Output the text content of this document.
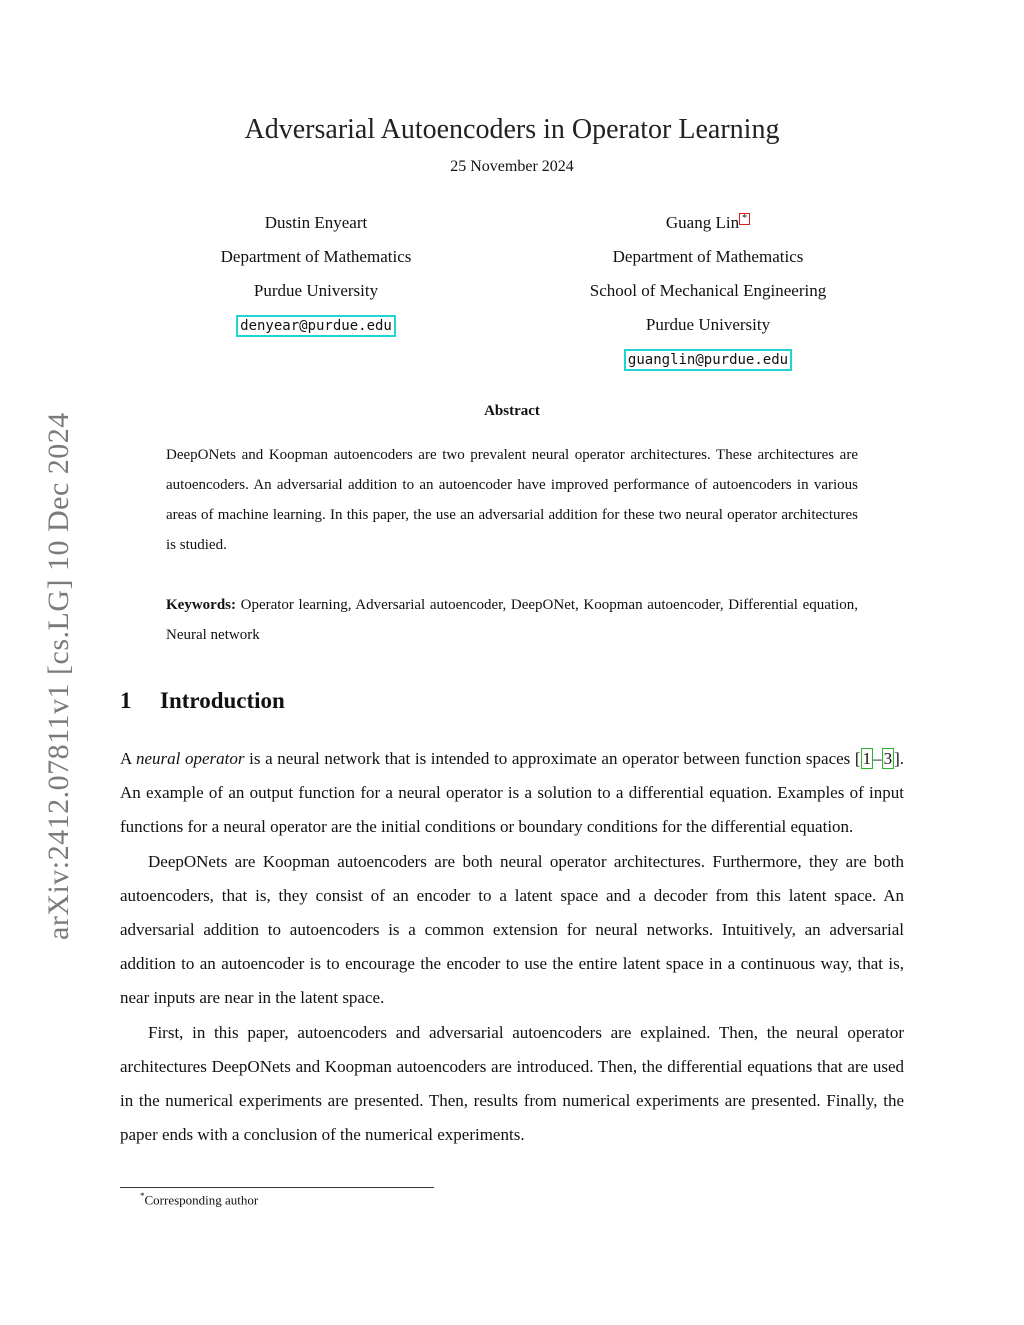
arXiv:2412.07811v1 [cs.LG] 10 Dec 2024
Adversarial Autoencoders in Operator Learning
25 November 2024
Dustin Enyeart
Department of Mathematics
Purdue University
denyear@purdue.edu
Guang Lin *
Department of Mathematics
School of Mechanical Engineering
Purdue University
guanglin@purdue.edu
Abstract
DeepONets and Koopman autoencoders are two prevalent neural operator architectures. These architectures are autoencoders. An adversarial addition to an autoencoder have improved performance of autoencoders in various areas of machine learning. In this paper, the use an adversarial addition for these two neural operator architectures is studied.
Keywords: Operator learning, Adversarial autoencoder, DeepONet, Koopman autoencoder, Differential equation, Neural network
1 Introduction

A neural operator is a neural network that is intended to approximate an operator between function spaces [ 1 – 3 ]. An example of an output function for a neural operator is a solution to a differential equation. Examples of input functions for a neural operator are the initial conditions or boundary conditions for the differential equation.

DeepONets are Koopman autoencoders are both neural operator architectures. Furthermore, they are both autoencoders, that is, they consist of an encoder to a latent space and a decoder from this latent space. An adversarial addition to autoencoders is a common extension for neural networks. Intuitively, an adversarial addition to an autoencoder is to encourage the encoder to use the entire latent space in a continuous way, that is, near inputs are near in the latent space.

First, in this paper, autoencoders and adversarial autoencoders are explained. Then, the neural operator architectures DeepONets and Koopman autoencoders are introduced. Then, the differential equations that are used in the numerical experiments are presented. Then, results from numerical experiments are presented. Finally, the paper ends with a conclusion of the numerical experiments.

*Corresponding author
